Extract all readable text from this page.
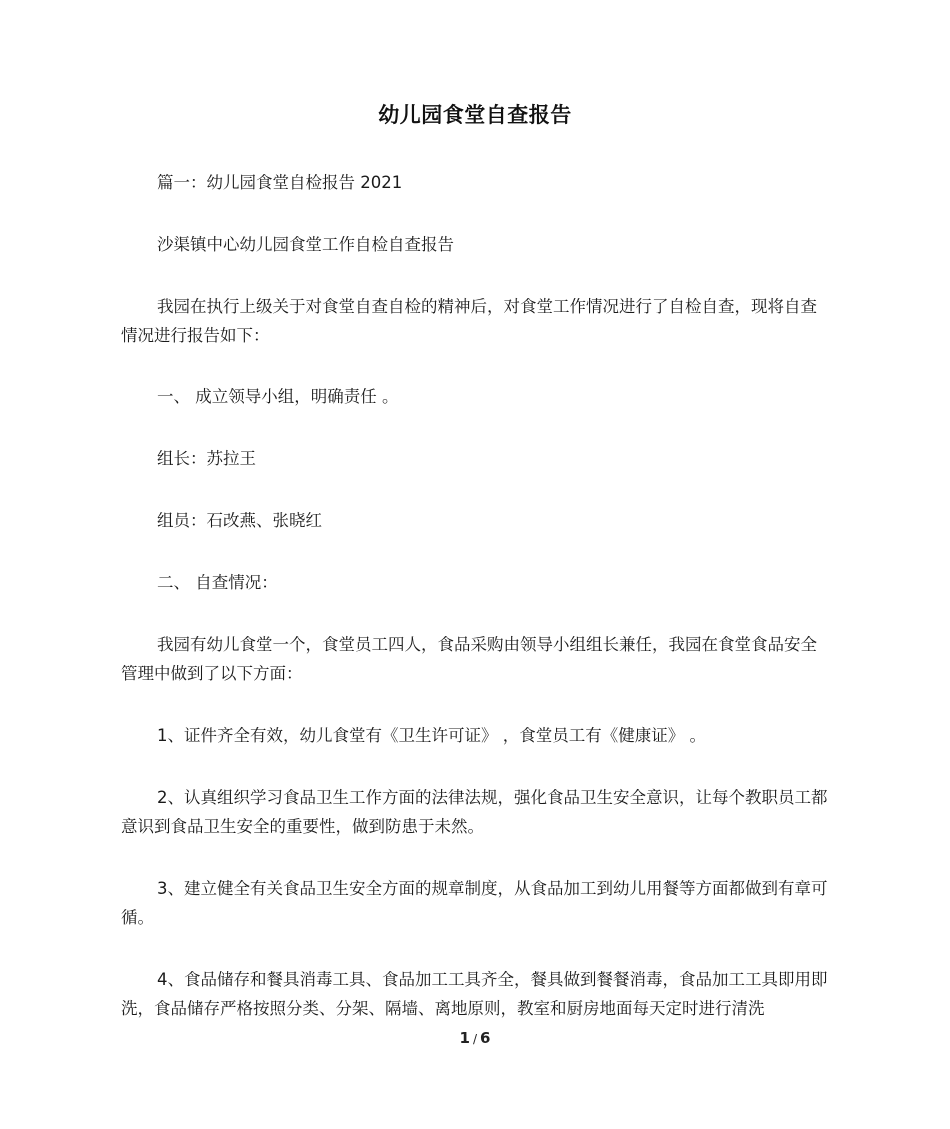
幼儿园食堂自查报告
篇一：幼儿园食堂自检报告 2021
沙渠镇中心幼儿园食堂工作自检自查报告
我园在执行上级关于对食堂自查自检的精神后，对食堂工作情况进行了自检自查，现将自查情况进行报告如下：
一、 成立领导小组，明确责任 。
组长：苏拉王
组员：石改燕、张晓红
二、 自查情况：
我园有幼儿食堂一个，食堂员工四人，食品采购由领导小组组长兼任，我园在食堂食品安全管理中做到了以下方面：
1、证件齐全有效，幼儿食堂有《卫生许可证》 ，食堂员工有《健康证》 。
2、认真组织学习食品卫生工作方面的法律法规，强化食品卫生安全意识，让每个教职员工都意识到食品卫生安全的重要性，做到防患于未然。
3、建立健全有关食品卫生安全方面的规章制度，从食品加工到幼儿用餐等方面都做到有章可循。
4、食品储存和餐具消毒工具、食品加工工具齐全，餐具做到餐餐消毒，食品加工工具即用即洗，食品储存严格按照分类、分架、隔墙、离地原则，教室和厨房地面每天定时进行清洗
1 / 6
